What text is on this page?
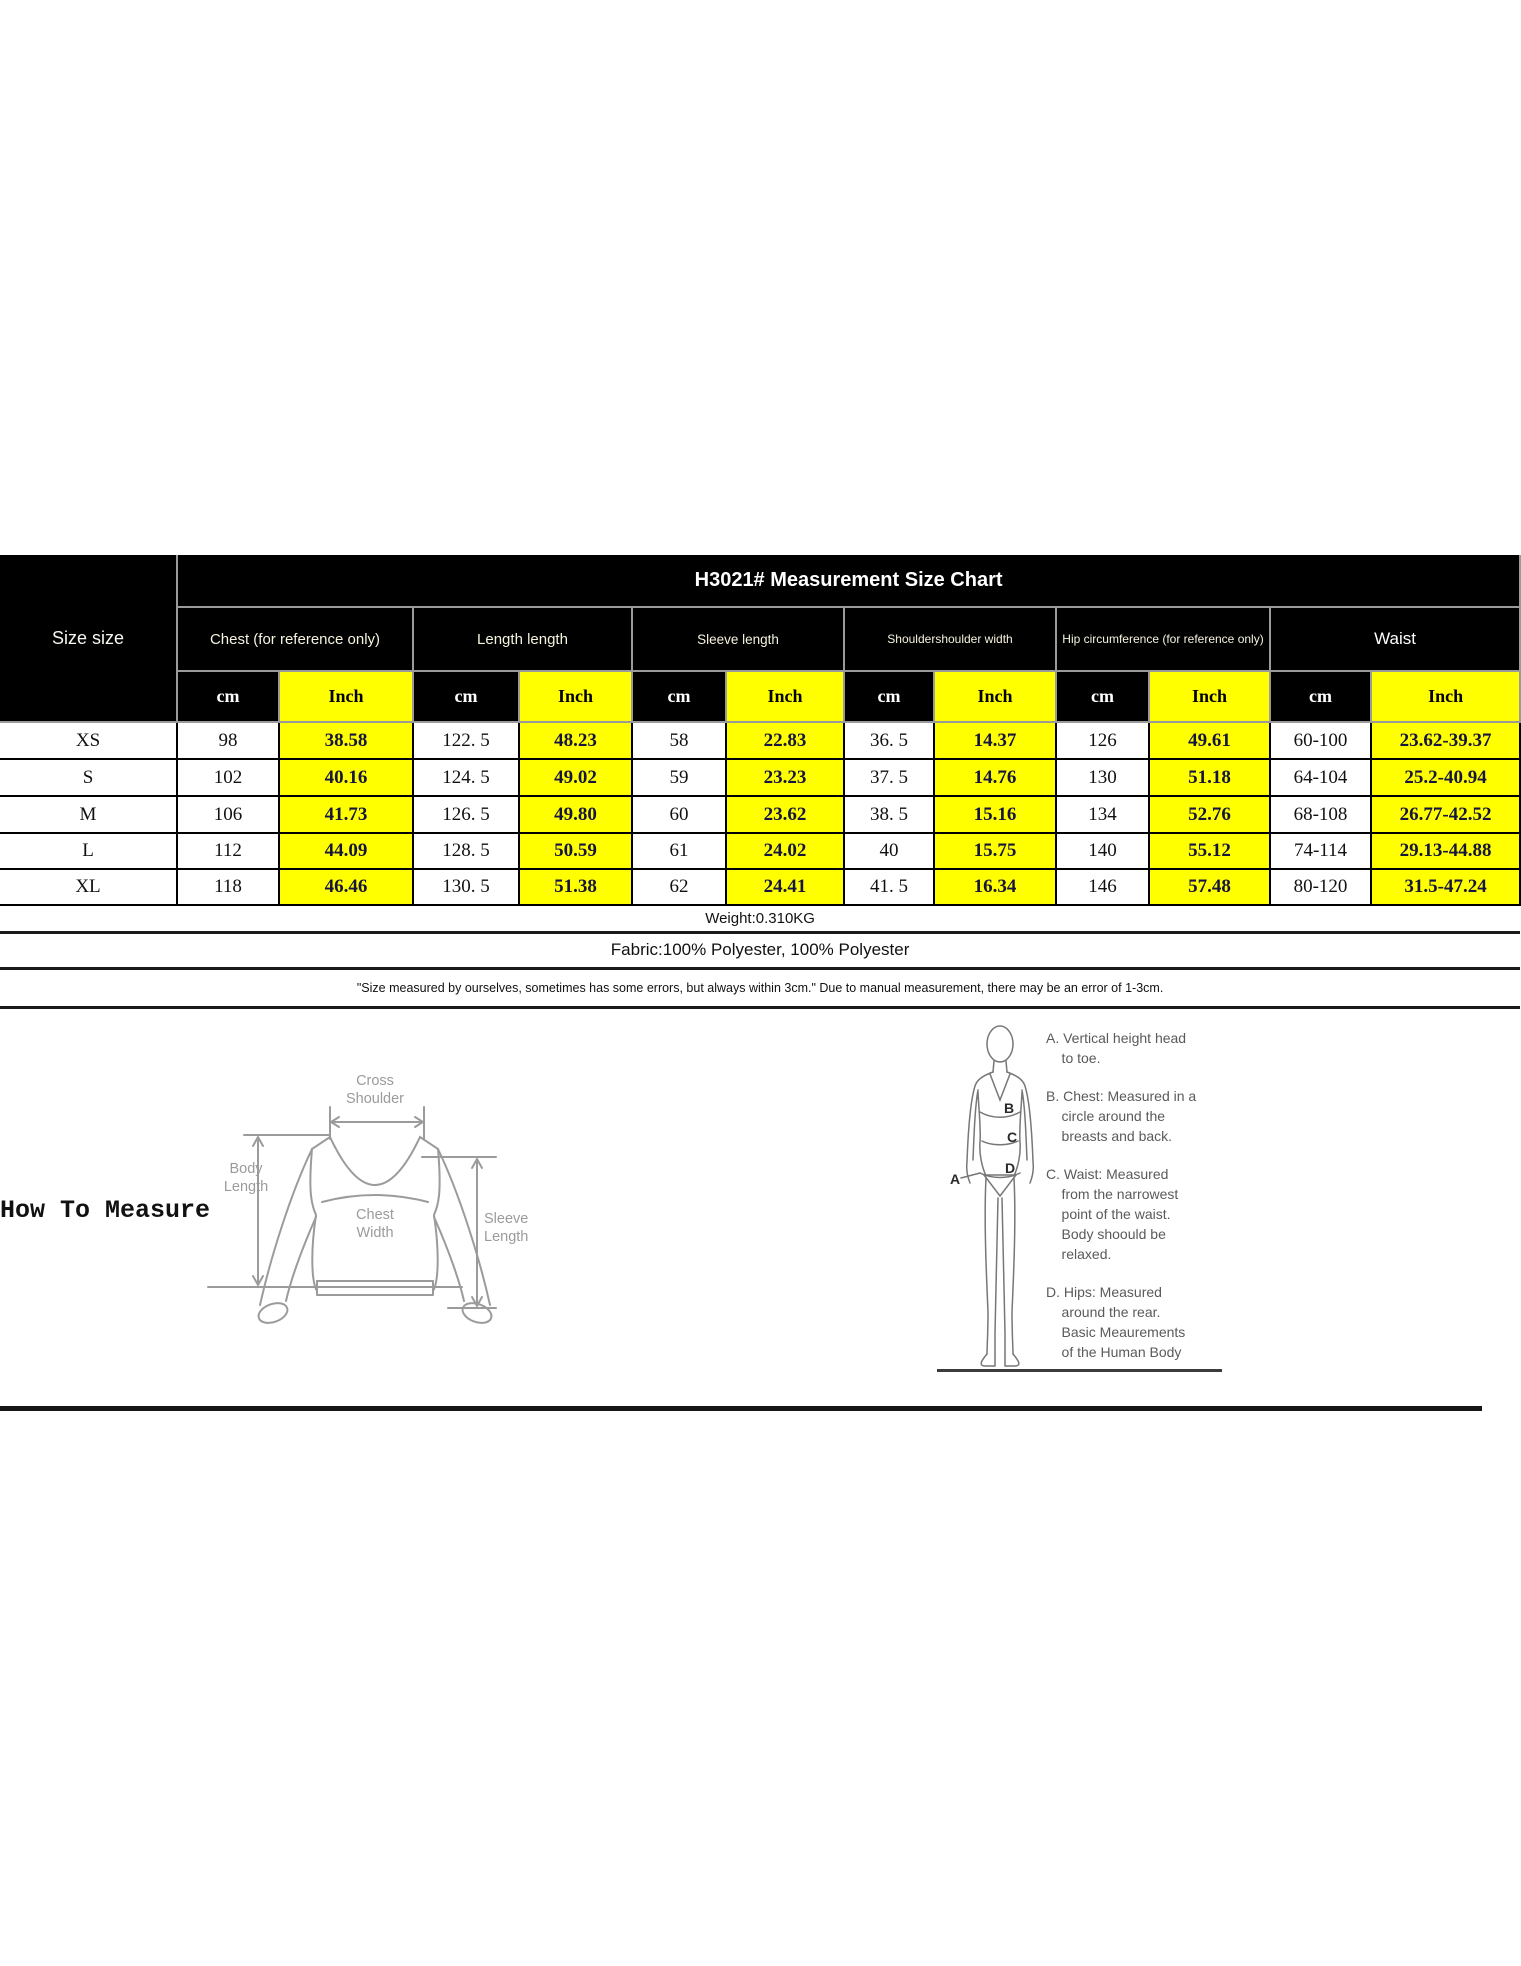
Size size	H3021# Measurement Size Chart											
	Chest (for reference only)		Length length		Sleeve length		Shouldershoulder width		Hip circumference (for reference only)		Waist	
	cm	Inch	cm	Inch	cm	Inch	cm	Inch	cm	Inch	cm	Inch
XS	98	38.58	122. 5	48.23	58	22.83	36. 5	14.37	126	49.61	60-100	23.62-39.37
S	102	40.16	124. 5	49.02	59	23.23	37. 5	14.76	130	51.18	64-104	25.2-40.94
M	106	41.73	126. 5	49.80	60	23.62	38. 5	15.16	134	52.76	68-108	26.77-42.52
L	112	44.09	128. 5	50.59	61	24.02	40	15.75	140	55.12	74-114	29.13-44.88
XL	118	46.46	130. 5	51.38	62	24.41	41. 5	16.34	146	57.48	80-120	31.5-47.24
Weight:0.310KG												
Fabric:100% Polyester, 100% Polyester												
"Size measured by ourselves, sometimes has some errors, but always within 3cm." Due to manual measurement, there may be an error of 1-3cm.												
How To Measure
Cross
Shoulder
Body
Length
Chest
Width
Sleeve
Length
A
B
C
D

A. Vertical height head
to toe.

B. Chest: Measured in a
circle around the
breasts and back.

C. Waist: Measured
from the narrowest
point of the waist.
Body shoould be
relaxed.

D. Hips: Measured
around the rear.
Basic Meaurements
of the Human Body
